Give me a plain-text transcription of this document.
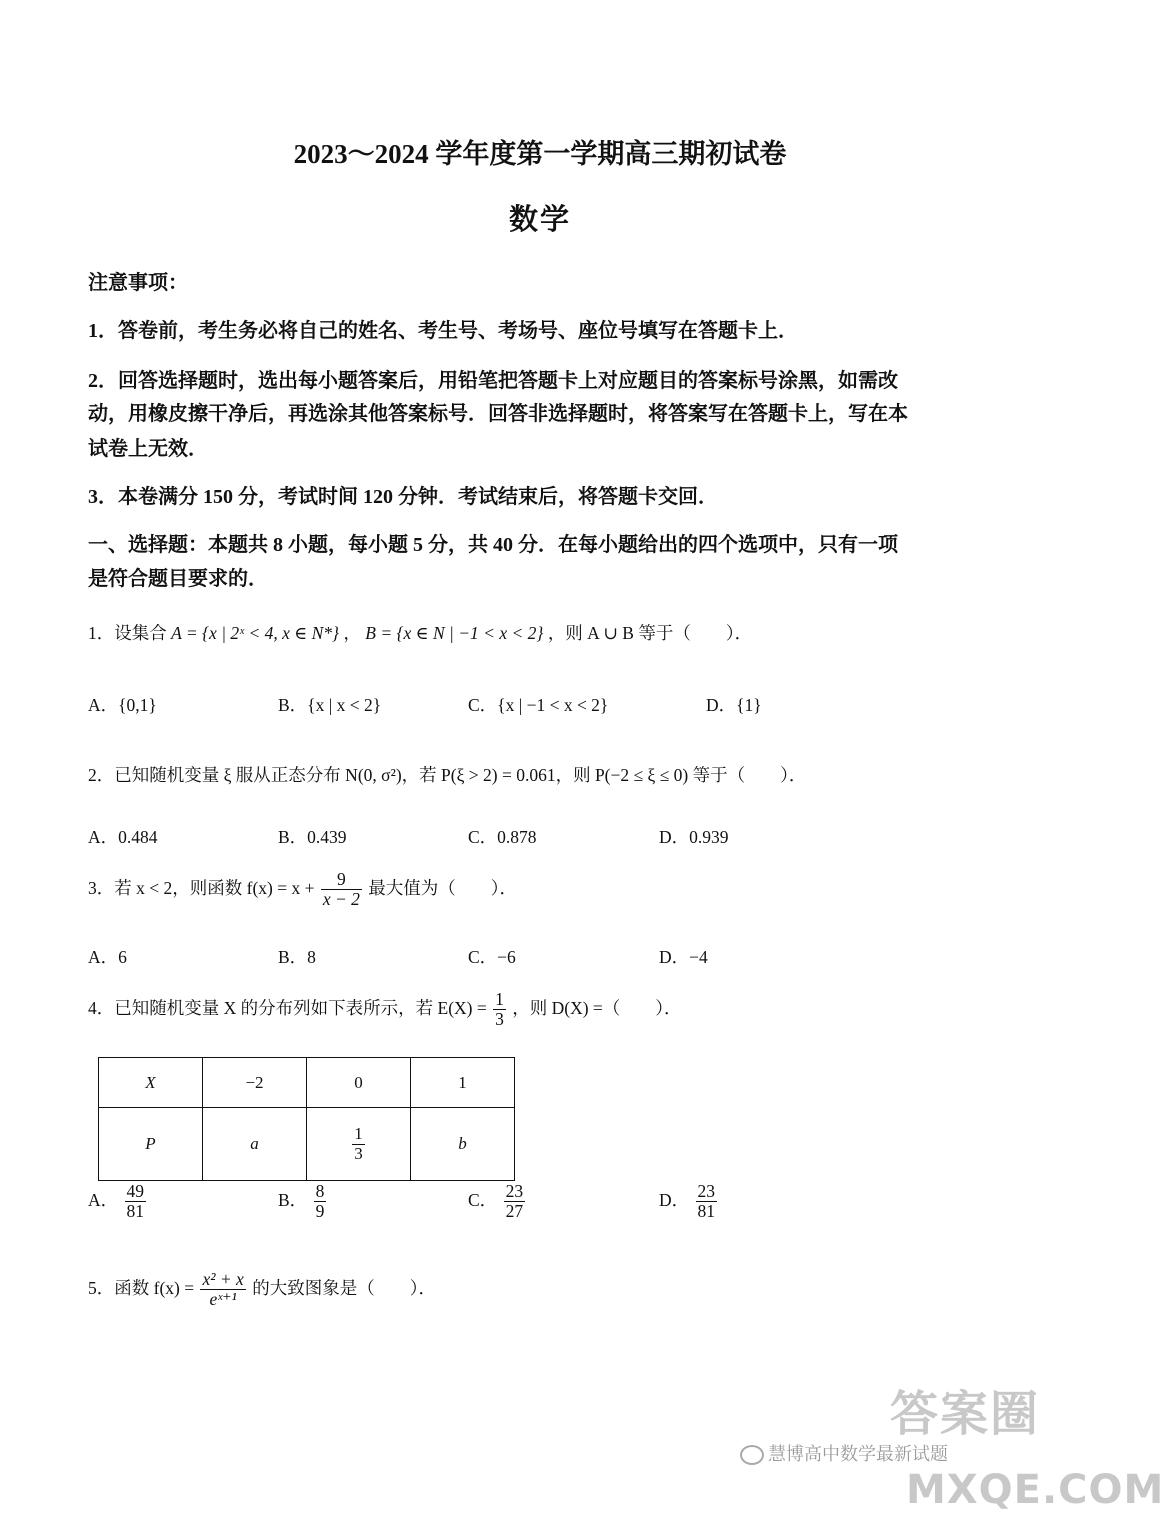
2023～2024 学年度第一学期高三期初试卷
数学
注意事项：
1．答卷前，考生务必将自己的姓名、考生号、考场号、座位号填写在答题卡上．
2．回答选择题时，选出每小题答案后，用铅笔把答题卡上对应题目的答案标号涂黑，如需改
动，用橡皮擦干净后，再选涂其他答案标号．回答非选择题时，将答案写在答题卡上，写在本
试卷上无效．
3．本卷满分 150 分，考试时间 120 分钟．考试结束后，将答题卡交回．
一、选择题：本题共 8 小题，每小题 5 分，共 40 分．在每小题给出的四个选项中，只有一项
是符合题目要求的．
1．设集合 A = {x | 2ˣ < 4, x ∈ N*} ， B = {x ∈ N | −1 < x < 2} ，则 A ∪ B 等于（　　）．
A．{0,1}	B．{x | x < 2}	C．{x | −1 < x < 2}	D．{1}
2．已知随机变量 ξ 服从正态分布 N(0, σ²)，若 P(ξ > 2) = 0.061，则 P(−2 ≤ ξ ≤ 0) 等于（　　）．
A．0.484	B．0.439	C．0.878	D．0.939
3．若 x < 2，则函数 $f(x) = x + \frac{9}{x - 2}$ 最大值为（　　）．
A．6	B．8	C．−6	D．−4
4．已知随机变量 X 的分布列如下表所示，若 $E(X) = \frac{1}{3}$ ，则 D(X) =（　　）．
X	−2	0	1
P	a	$\frac{1}{3}$	b
A． $\frac{49}{81}$	B． $\frac{8}{9}$	C． $\frac{23}{27}$	D． $\frac{23}{81}$
5．函数 $f(x) = \frac{\text{x² + x}}{\text{eˣ⁺¹}}$ 的大致图象是（　　）．
答案圈
MXQE.COM
慧博高中数学最新试题
